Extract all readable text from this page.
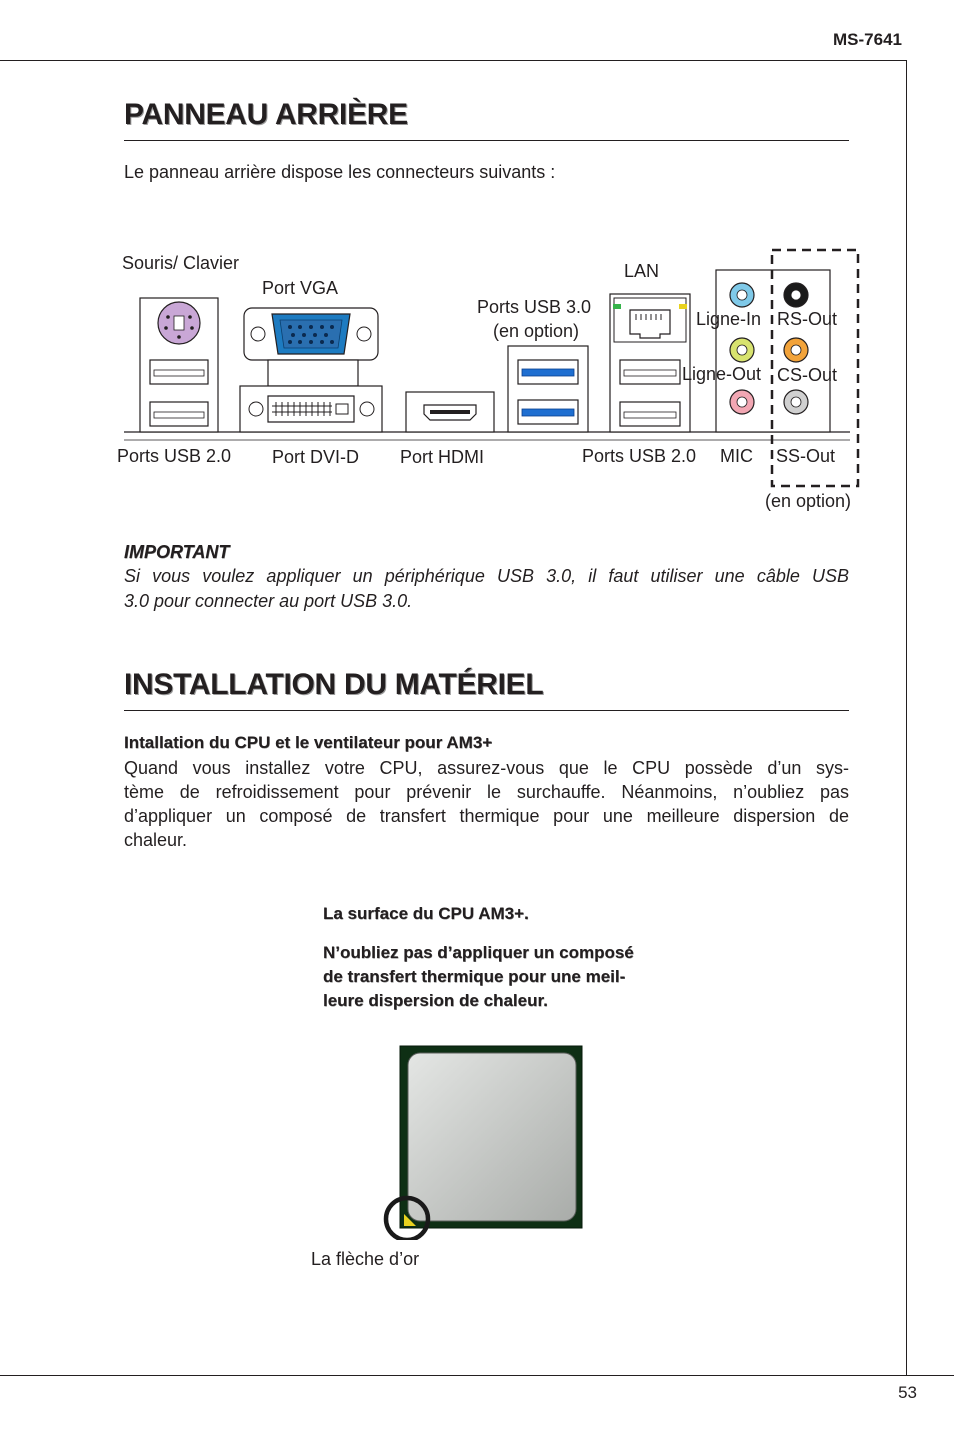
MS-7641
53
PANNEAU ARRIÈRE
Le panneau arrière dispose les connecteurs suivants :
Souris/ Clavier
Port VGA
Ports USB 3.0
(en option)
LAN
Ligne-In RS-Out
Ligne-Out CS-Out
Ports USB 2.0 Port DVI-D Port HDMI	Ports USB 2.0 MIC SS-Out
(en option)
IMPORTANT
Si vous voulez appliquer un périphérique USB 3.0, il faut utiliser une câble USB
3.0 pour connecter au port USB 3.0.
INSTALLATION DU MATÉRIEL
Intallation du CPU et le ventilateur pour AM3+
Quand vous installez votre CPU, assurez-vous que le CPU possède d’un sys-
tème de refroidissement pour prévenir le surchauffe. Néanmoins, n’oubliez pas
d’appliquer un composé de transfert thermique pour une meilleure dispersion de
chaleur.
La surface du CPU AM3+.
N’oubliez pas d’appliquer un composé
de transfert thermique pour une meil-
leure dispersion de chaleur.
La flèche d’or
